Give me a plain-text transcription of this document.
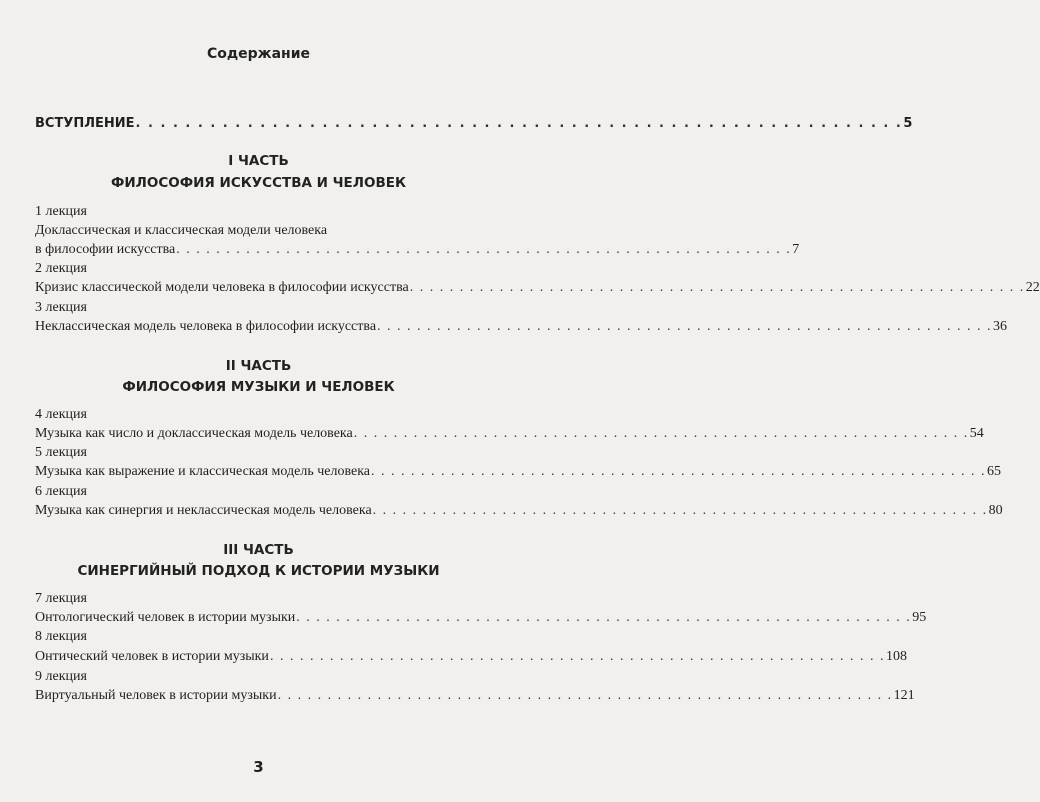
Содержание
ВСТУПЛЕНИЕ . . . . . . . . . . . . . . . . . . . . . . . . . . . . . . . . . . . . . . . . . . . . . . . . . . . . . . . . . . . . . . 5
I ЧАСТЬ
ФИЛОСОФИЯ ИСКУССТВА И ЧЕЛОВЕК
1 лекция
Доклассическая и классическая модели человека
в философии искусства . . . . . . . . . . . . . . . . . . . . . . . . . . . . . . . . . . . . . . . . . . . . . . . . . . . . . . . . . . . . . . 7
2 лекция
Кризис классической модели человека в философии искусства . . . . . . . . . . . . . . . . . . . . . . . . . . . . . . . . . . . . . . . . . . . . . . . . . . . . . . . . . . . . . . 22
3 лекция
Неклассическая модель человека в философии искусства . . . . . . . . . . . . . . . . . . . . . . . . . . . . . . . . . . . . . . . . . . . . . . . . . . . . . . . . . . . . . . 36
II ЧАСТЬ
ФИЛОСОФИЯ МУЗЫКИ И ЧЕЛОВЕК
4 лекция
Музыка как число и доклассическая модель человека . . . . . . . . . . . . . . . . . . . . . . . . . . . . . . . . . . . . . . . . . . . . . . . . . . . . . . . . . . . . . . 54
5 лекция
Музыка как выражение и классическая модель человека . . . . . . . . . . . . . . . . . . . . . . . . . . . . . . . . . . . . . . . . . . . . . . . . . . . . . . . . . . . . . . 65
6 лекция
Музыка как синергия и неклассическая модель человека . . . . . . . . . . . . . . . . . . . . . . . . . . . . . . . . . . . . . . . . . . . . . . . . . . . . . . . . . . . . . . 80
III ЧАСТЬ
СИНЕРГИЙНЫЙ ПОДХОД К ИСТОРИИ МУЗЫКИ
7 лекция
Онтологический человек в истории музыки . . . . . . . . . . . . . . . . . . . . . . . . . . . . . . . . . . . . . . . . . . . . . . . . . . . . . . . . . . . . . . 95
8 лекция
Онтический человек в истории музыки . . . . . . . . . . . . . . . . . . . . . . . . . . . . . . . . . . . . . . . . . . . . . . . . . . . . . . . . . . . . . . 108
9 лекция
Виртуальный человек в истории музыки . . . . . . . . . . . . . . . . . . . . . . . . . . . . . . . . . . . . . . . . . . . . . . . . . . . . . . . . . . . . . . 121
3
